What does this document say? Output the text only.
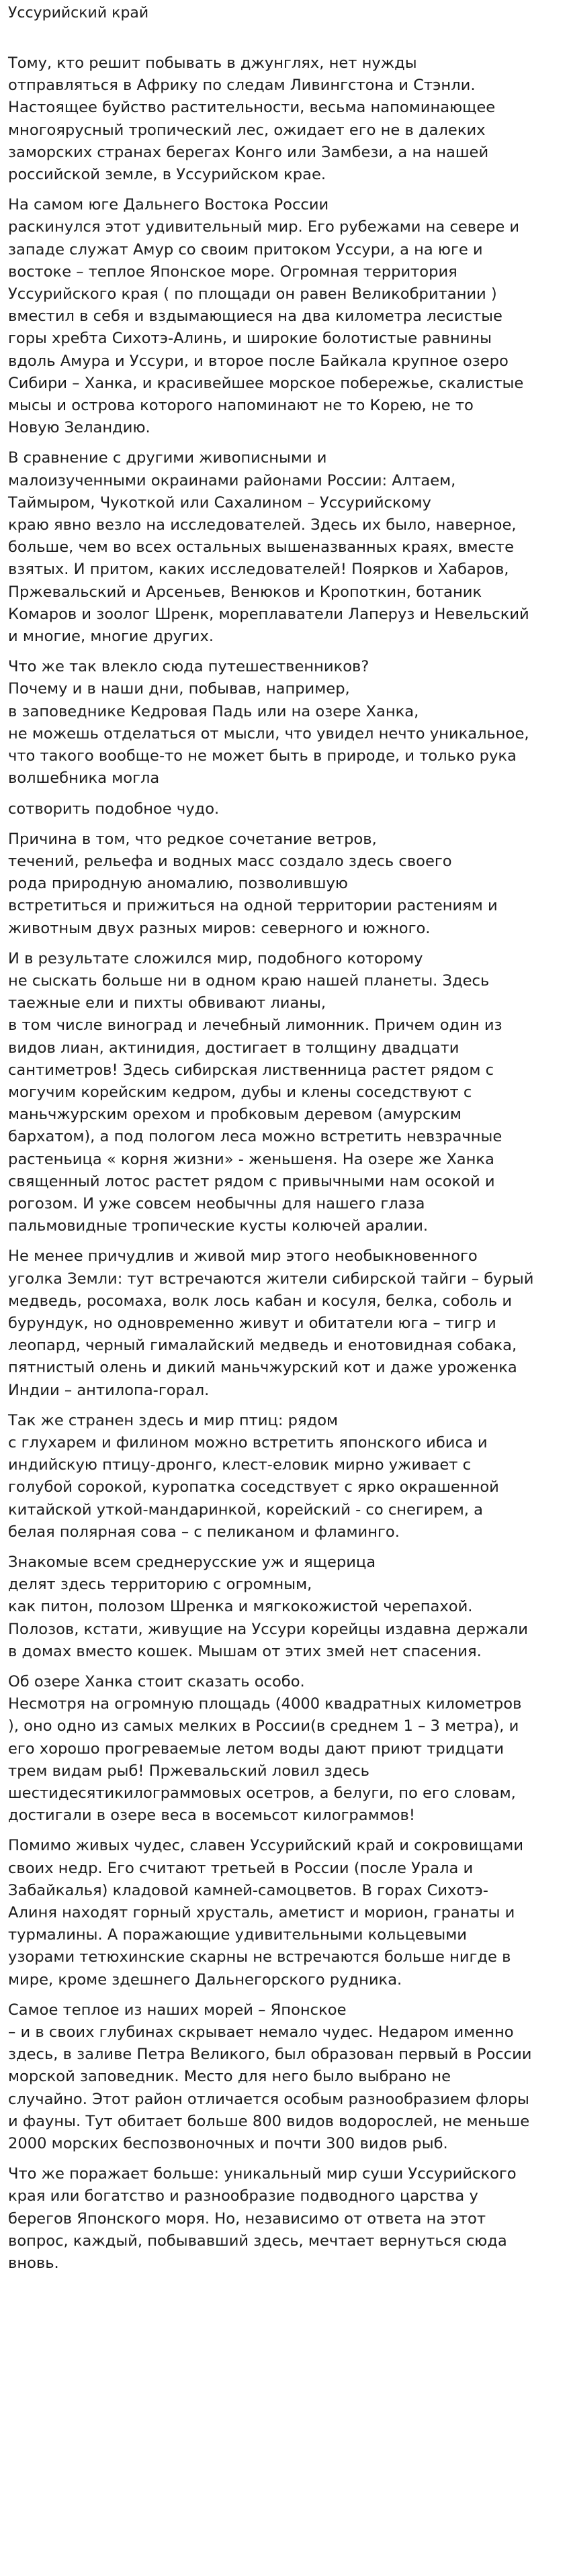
Уссурийский край
Тому, кто решит побывать в джунглях, нет нужды
отправляться в Африку по следам Ливингстона и Стэнли.
Настоящее буйство растительности, весьма напоминающее
многоярусный тропический лес, ожидает его не в далеких
заморских странах берегах Конго или Замбези, а на нашей
российской земле, в Уссурийском крае.
На самом юге Дальнего Востока России
раскинулся этот удивительный мир. Его рубежами на севере и
западе служат Амур со своим притоком Уссури, а на юге и
востоке – теплое Японское море. Огромная территория
Уссурийского края ( по площади он равен Великобритании )
вместил в себя и вздымающиеся на два километра лесистые
горы хребта Сихотэ-Алинь, и широкие болотистые равнины
вдоль Амура и Уссури, и второе после Байкала крупное озеро
Сибири – Ханка, и красивейшее морское побережье, скалистые
мысы и острова которого напоминают не то Корею, не то
Новую Зеландию.
В сравнение с другими живописными и
малоизученными окраинами районами России: Алтаем,
Таймыром, Чукоткой или Сахалином – Уссурийскому
краю явно везло на исследователей. Здесь их было, наверное,
больше, чем во всех остальных вышеназванных краях, вместе
взятых. И притом, каких исследователей! Поярков и Хабаров,
Пржевальский и Арсеньев, Венюков и Кропоткин, ботаник
Комаров и зоолог Шренк, мореплаватели Лаперуз и Невельский
и многие, многие других.
Что же так влекло сюда путешественников?
Почему и в наши дни, побывав, например,
в заповеднике Кедровая Падь или на озере Ханка,
не можешь отделаться от мысли, что увидел нечто уникальное,
что такого вообще-то не может быть в природе, и только рука
волшебника могла
сотворить подобное чудо.
Причина в том, что редкое сочетание ветров,
течений, рельефа и водных масс создало здесь своего
рода природную аномалию, позволившую
встретиться и прижиться на одной территории растениям и
животным двух разных миров: северного и южного.
И в результате сложился мир, подобного которому
не сыскать больше ни в одном краю нашей планеты. Здесь
таежные ели и пихты обвивают лианы,
в том числе виноград и лечебный лимонник. Причем один из
видов лиан, актинидия, достигает в толщину двадцати
сантиметров! Здесь сибирская лиственница растет рядом с
могучим корейским кедром, дубы и клены соседствуют с
маньчжурским орехом и пробковым деревом (амурским
бархатом), а под пологом леса можно встретить невзрачные
растеньица « корня жизни» - женьшеня. На озере же Ханка
священный лотос растет рядом с привычными нам осокой и
рогозом. И уже совсем необычны для нашего глаза
пальмовидные тропические кусты колючей аралии.
Не менее причудлив и живой мир этого необыкновенного
уголка Земли: тут встречаются жители сибирской тайги – бурый
медведь, росомаха, волк лось кабан и косуля, белка, соболь и
бурундук, но одновременно живут и обитатели юга – тигр и
леопард, черный гималайский медведь и енотовидная собака,
пятнистый олень и дикий маньчжурский кот и даже уроженка
Индии – антилопа-горал.
Так же странен здесь и мир птиц: рядом
с глухарем и филином можно встретить японского ибиса и
индийскую птицу-дронго, клест-еловик мирно уживает с
голубой сорокой, куропатка соседствует с ярко окрашенной
китайской уткой-мандаринкой, корейский - со снегирем, а
белая полярная сова – с пеликаном и фламинго.
Знакомые всем среднерусские уж и ящерица
делят здесь территорию с огромным,
как питон, полозом Шренка и мягкокожистой черепахой.
Полозов, кстати, живущие на Уссури корейцы издавна держали
в домах вместо кошек. Мышам от этих змей нет спасения.
Об озере Ханка стоит сказать особо.
Несмотря на огромную площадь (4000 квадратных километров
), оно одно из самых мелких в России(в среднем 1 – 3 метра), и
его хорошо прогреваемые летом воды дают приют тридцати
трем видам рыб! Пржевальский ловил здесь
шестидесятикилограммовых осетров, а белуги, по его словам,
достигали в озере веса в восемьсот килограммов!
Помимо живых чудес, славен Уссурийский край и сокровищами
своих недр. Его считают третьей в России (после Урала и
Забайкалья) кладовой камней-самоцветов. В горах Сихотэ-
Алиня находят горный хрусталь, аметист и морион, гранаты и
турмалины. А поражающие удивительными кольцевыми
узорами тетюхинские скарны не встречаются больше нигде в
мире, кроме здешнего Дальнегорского рудника.
Самое теплое из наших морей – Японское
– и в своих глубинах скрывает немало чудес. Недаром именно
здесь, в заливе Петра Великого, был образован первый в России
морской заповедник. Место для него было выбрано не
случайно. Этот район отличается особым разнообразием флоры
и фауны. Тут обитает больше 800 видов водорослей, не меньше
2000 морских беспозвоночных и почти 300 видов рыб.
Что же поражает больше: уникальный мир суши Уссурийского
края или богатство и разнообразие подводного царства у
берегов Японского моря. Но, независимо от ответа на этот
вопрос, каждый, побывавший здесь, мечтает вернуться сюда
вновь.
